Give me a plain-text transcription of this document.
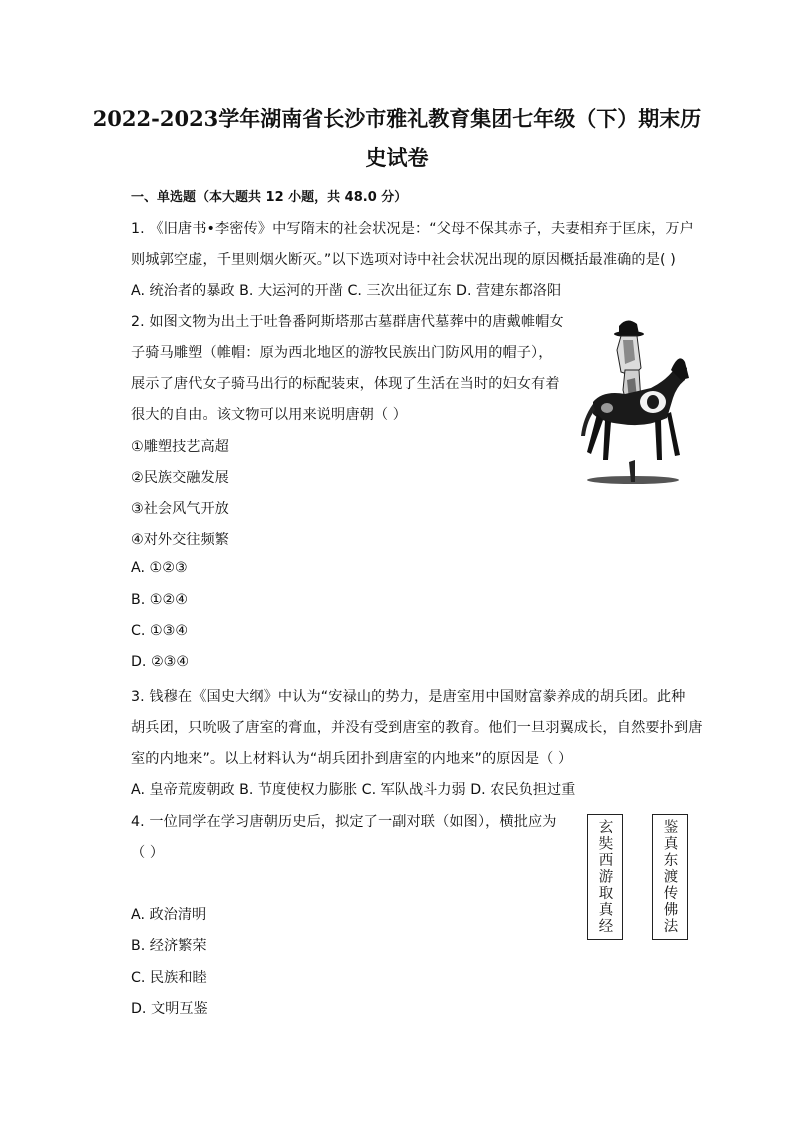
2022-2023学年湖南省长沙市雅礼教育集团七年级（下）期末历
史试卷
一、单选题（本大题共 12 小题，共 48.0 分）
1. 《旧唐书•李密传》中写隋末的社会状况是：“父母不保其赤子，夫妻相弃于匡床，万户
则城郭空虚，千里则烟火断灭。”以下选项对诗中社会状况出现的原因概括最准确的是( )
A. 统治者的暴政 B. 大运河的开凿 C. 三次出征辽东 D. 营建东都洛阳
2. 如图文物为出土于吐鲁番阿斯塔那古墓群唐代墓葬中的唐戴帷帽女
子骑马雕塑（帷帽：原为西北地区的游牧民族出门防风用的帽子），
展示了唐代女子骑马出行的标配装束，体现了生活在当时的妇女有着
很大的自由。该文物可以用来说明唐朝（ ）
①雕塑技艺高超
②民族交融发展
③社会风气开放
④对外交往频繁
A. ①②③
B. ①②④
C. ①③④
D. ②③④
3. 钱穆在《国史大纲》中认为“安禄山的势力，是唐室用中国财富豢养成的胡兵团。此种
胡兵团，只吮吸了唐室的膏血，并没有受到唐室的教育。他们一旦羽翼成长，自然要扑到唐
室的内地来”。以上材料认为“胡兵团扑到唐室的内地来”的原因是（ ）
A. 皇帝荒废朝政 B. 节度使权力膨胀 C. 军队战斗力弱 D. 农民负担过重
4. 一位同学在学习唐朝历史后，拟定了一副对联（如图），横批应为
（ ）
A. 政治清明
B. 经济繁荣
C. 民族和睦
D. 文明互鉴
玄奘西游取真经	鉴真东渡传佛法
